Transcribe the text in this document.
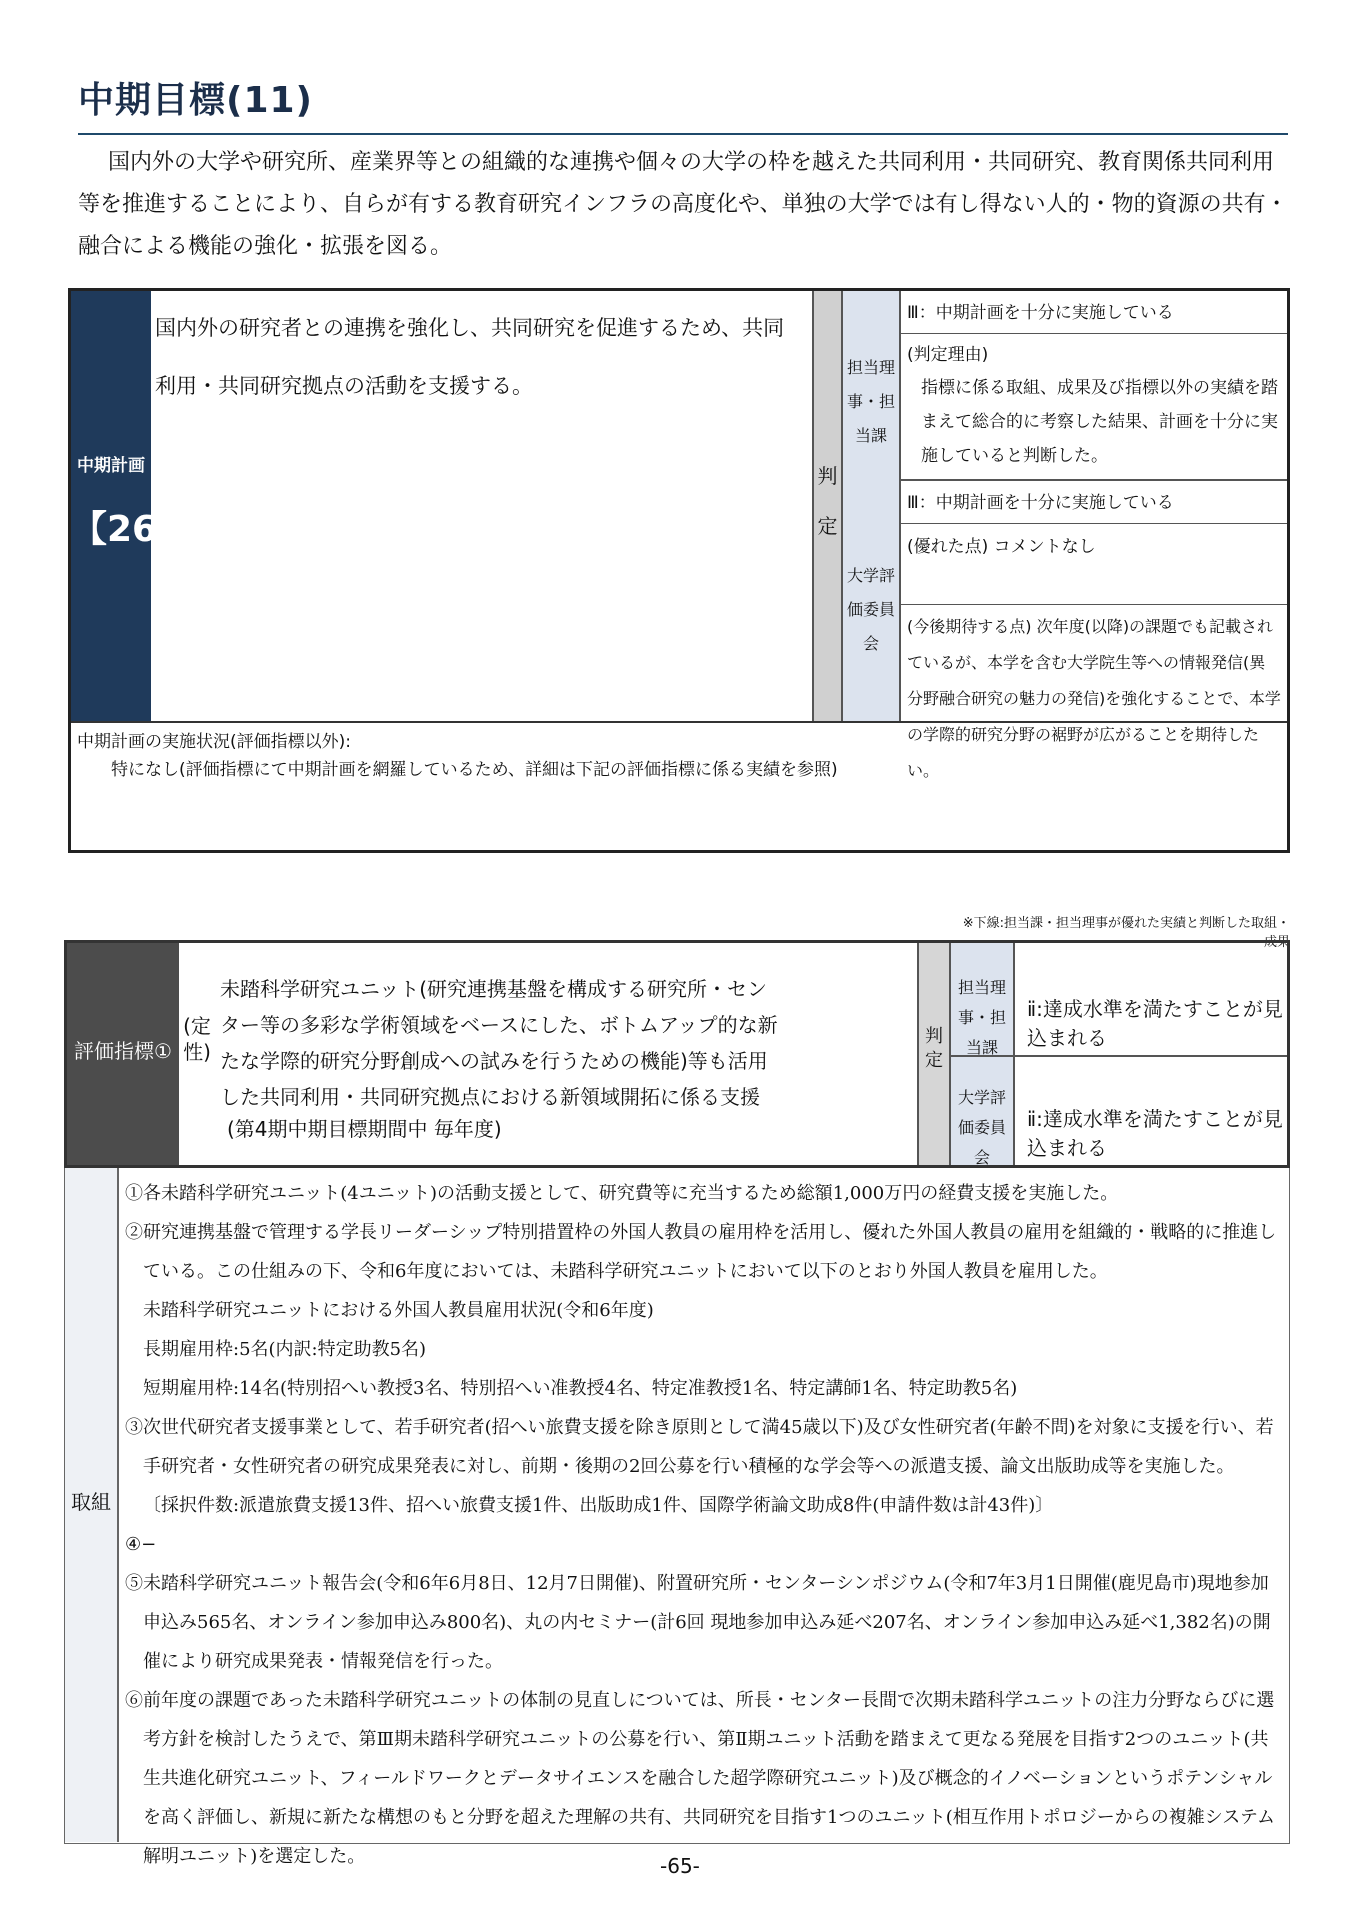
中期目標(11)
国内外の大学や研究所、産業界等との組織的な連携や個々の大学の枠を越えた共同利用・共同研究、教育関係共同利用等を推進することにより、自らが有する教育研究インフラの高度化や、単独の大学では有し得ない人的・物的資源の共有・融合による機能の強化・拡張を図る。
中期計画
【26】
国内外の研究者との連携を強化し、共同研究を促進するため、共同利用・共同研究拠点の活動を支援する。
判定
担当理事・担当課
大学評価委員会
Ⅲ：中期計画を十分に実施している
(判定理由)
指標に係る取組、成果及び指標以外の実績を踏まえて総合的に考察した結果、計画を十分に実施していると判断した。
Ⅲ：中期計画を十分に実施している
(優れた点) コメントなし
(今後期待する点) 次年度(以降)の課題でも記載されているが、本学を含む大学院生等への情報発信(異分野融合研究の魅力の発信)を強化することで、本学の学際的研究分野の裾野が広がることを期待したい。
中期計画の実施状況(評価指標以外):
特になし(評価指標にて中期計画を網羅しているため、詳細は下記の評価指標に係る実績を参照)
※下線:担当課・担当理事が優れた実績と判断した取組・成果
評価指標①
(定性)
未踏科学研究ユニット(研究連携基盤を構成する研究所・センター等の多彩な学術領域をベースにした、ボトムアップ的な新たな学際的研究分野創成への試みを行うための機能)等も活用した共同利用・共同研究拠点における新領域開拓に係る支援
(第4期中期目標期間中 毎年度)
判定
担当理事・担当課
大学評価委員会
ⅱ:達成水準を満たすことが見込まれる
ⅱ:達成水準を満たすことが見込まれる
取組

①各未踏科学研究ユニット(4ユニット)の活動支援として、研究費等に充当するため総額1,000万円の経費支援を実施した。

②研究連携基盤で管理する学長リーダーシップ特別措置枠の外国人教員の雇用枠を活用し、優れた外国人教員の雇用を組織的・戦略的に推進している。この仕組みの下、令和6年度においては、未踏科学研究ユニットにおいて以下のとおり外国人教員を雇用した。

未踏科学研究ユニットにおける外国人教員雇用状況(令和6年度)

長期雇用枠:5名(内訳:特定助教5名)

短期雇用枠:14名(特別招へい教授3名、特別招へい准教授4名、特定准教授1名、特定講師1名、特定助教5名)

③次世代研究者支援事業として、若手研究者(招へい旅費支援を除き原則として満45歳以下)及び女性研究者(年齢不問)を対象に支援を行い、若手研究者・女性研究者の研究成果発表に対し、前期・後期の2回公募を行い積極的な学会等への派遣支援、論文出版助成等を実施した。

〔採択件数:派遣旅費支援13件、招へい旅費支援1件、出版助成1件、国際学術論文助成8件(申請件数は計43件)〕

④−

⑤未踏科学研究ユニット報告会(令和6年6月8日、12月7日開催)、附置研究所・センターシンポジウム(令和7年3月1日開催(鹿児島市)現地参加申込み565名、オンライン参加申込み800名)、丸の内セミナー(計6回 現地参加申込み延べ207名、オンライン参加申込み延べ1,382名)の開催により研究成果発表・情報発信を行った。

⑥前年度の課題であった未踏科学研究ユニットの体制の見直しについては、所長・センター長間で次期未踏科学ユニットの注力分野ならびに選考方針を検討したうえで、第Ⅲ期未踏科学研究ユニットの公募を行い、第Ⅱ期ユニット活動を踏まえて更なる発展を目指す2つのユニット(共生共進化研究ユニット、フィールドワークとデータサイエンスを融合した超学際研究ユニット)及び概念的イノベーションというポテンシャルを高く評価し、新規に新たな構想のもと分野を超えた理解の共有、共同研究を目指す1つのユニット(相互作用トポロジーからの複雑システム解明ユニット)を選定した。	-65-
